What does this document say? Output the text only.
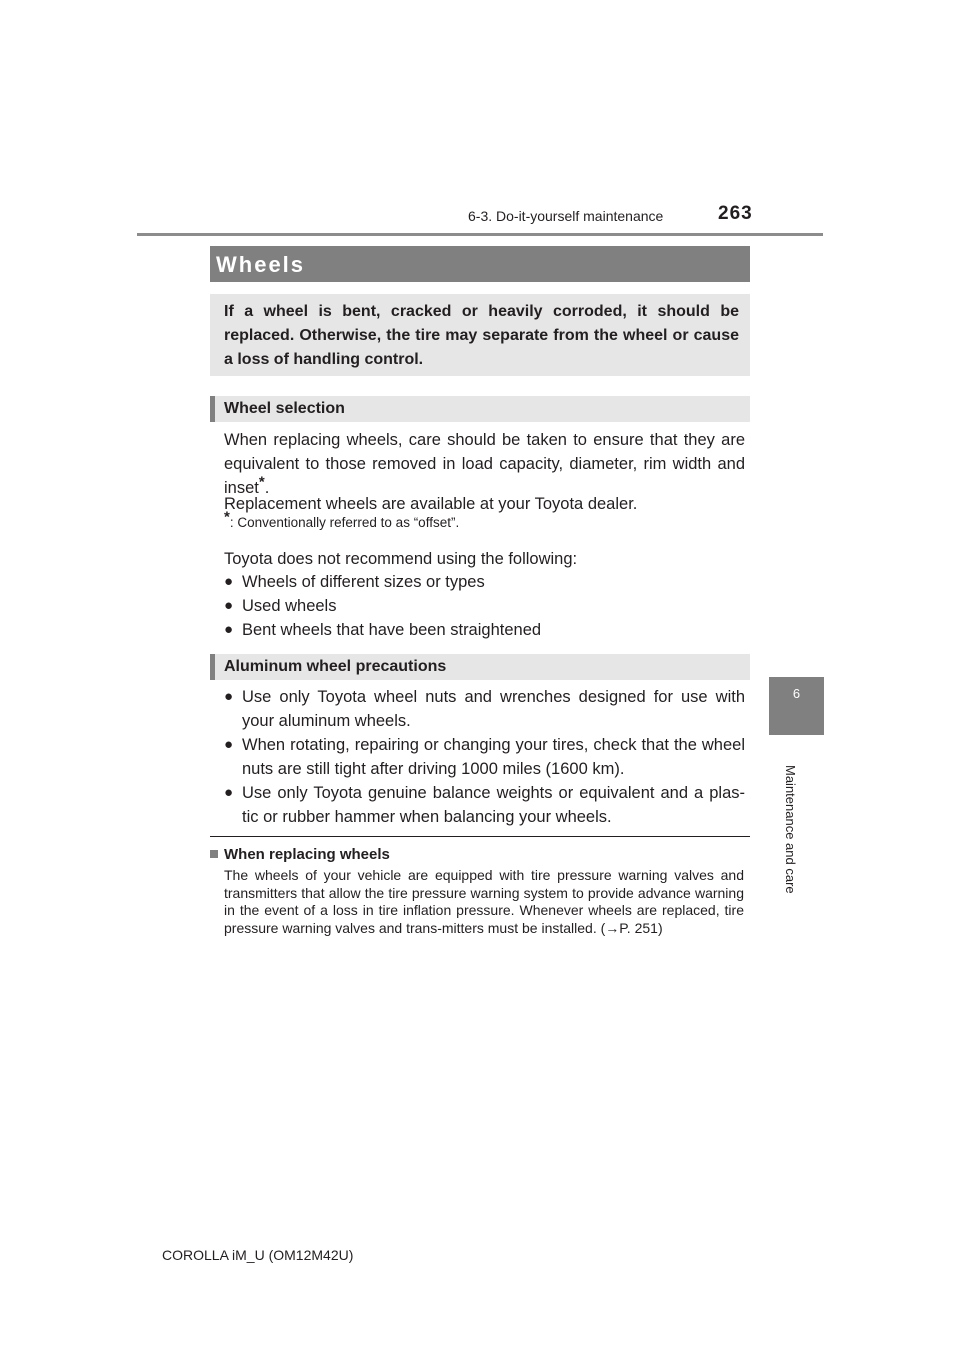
6-3. Do-it-yourself maintenance	263
6
Maintenance and care
Wheels
If a wheel is bent, cracked or heavily corroded, it should be replaced. Otherwise, the tire may separate from the wheel or cause a loss of handling control.
Wheel selection
When replacing wheels, care should be taken to ensure that they are equivalent to those removed in load capacity, diameter, rim width and inset*.
Replacement wheels are available at your Toyota dealer.
*: Conventionally referred to as “offset”.
Toyota does not recommend using the following:
● Wheels of different sizes or types
● Used wheels
● Bent wheels that have been straightened
Aluminum wheel precautions
● Use only Toyota wheel nuts and wrenches designed for use with your aluminum wheels.
● When rotating, repairing or changing your tires, check that the wheel nuts are still tight after driving 1000 miles (1600 km).
● Use only Toyota genuine balance weights or equivalent and a plas-tic or rubber hammer when balancing your wheels.
When replacing wheels
The wheels of your vehicle are equipped with tire pressure warning valves and transmitters that allow the tire pressure warning system to provide advance warning in the event of a loss in tire inflation pressure. Whenever wheels are replaced, tire pressure warning valves and trans-mitters must be installed. (→P. 251)
COROLLA iM_U (OM12M42U)
